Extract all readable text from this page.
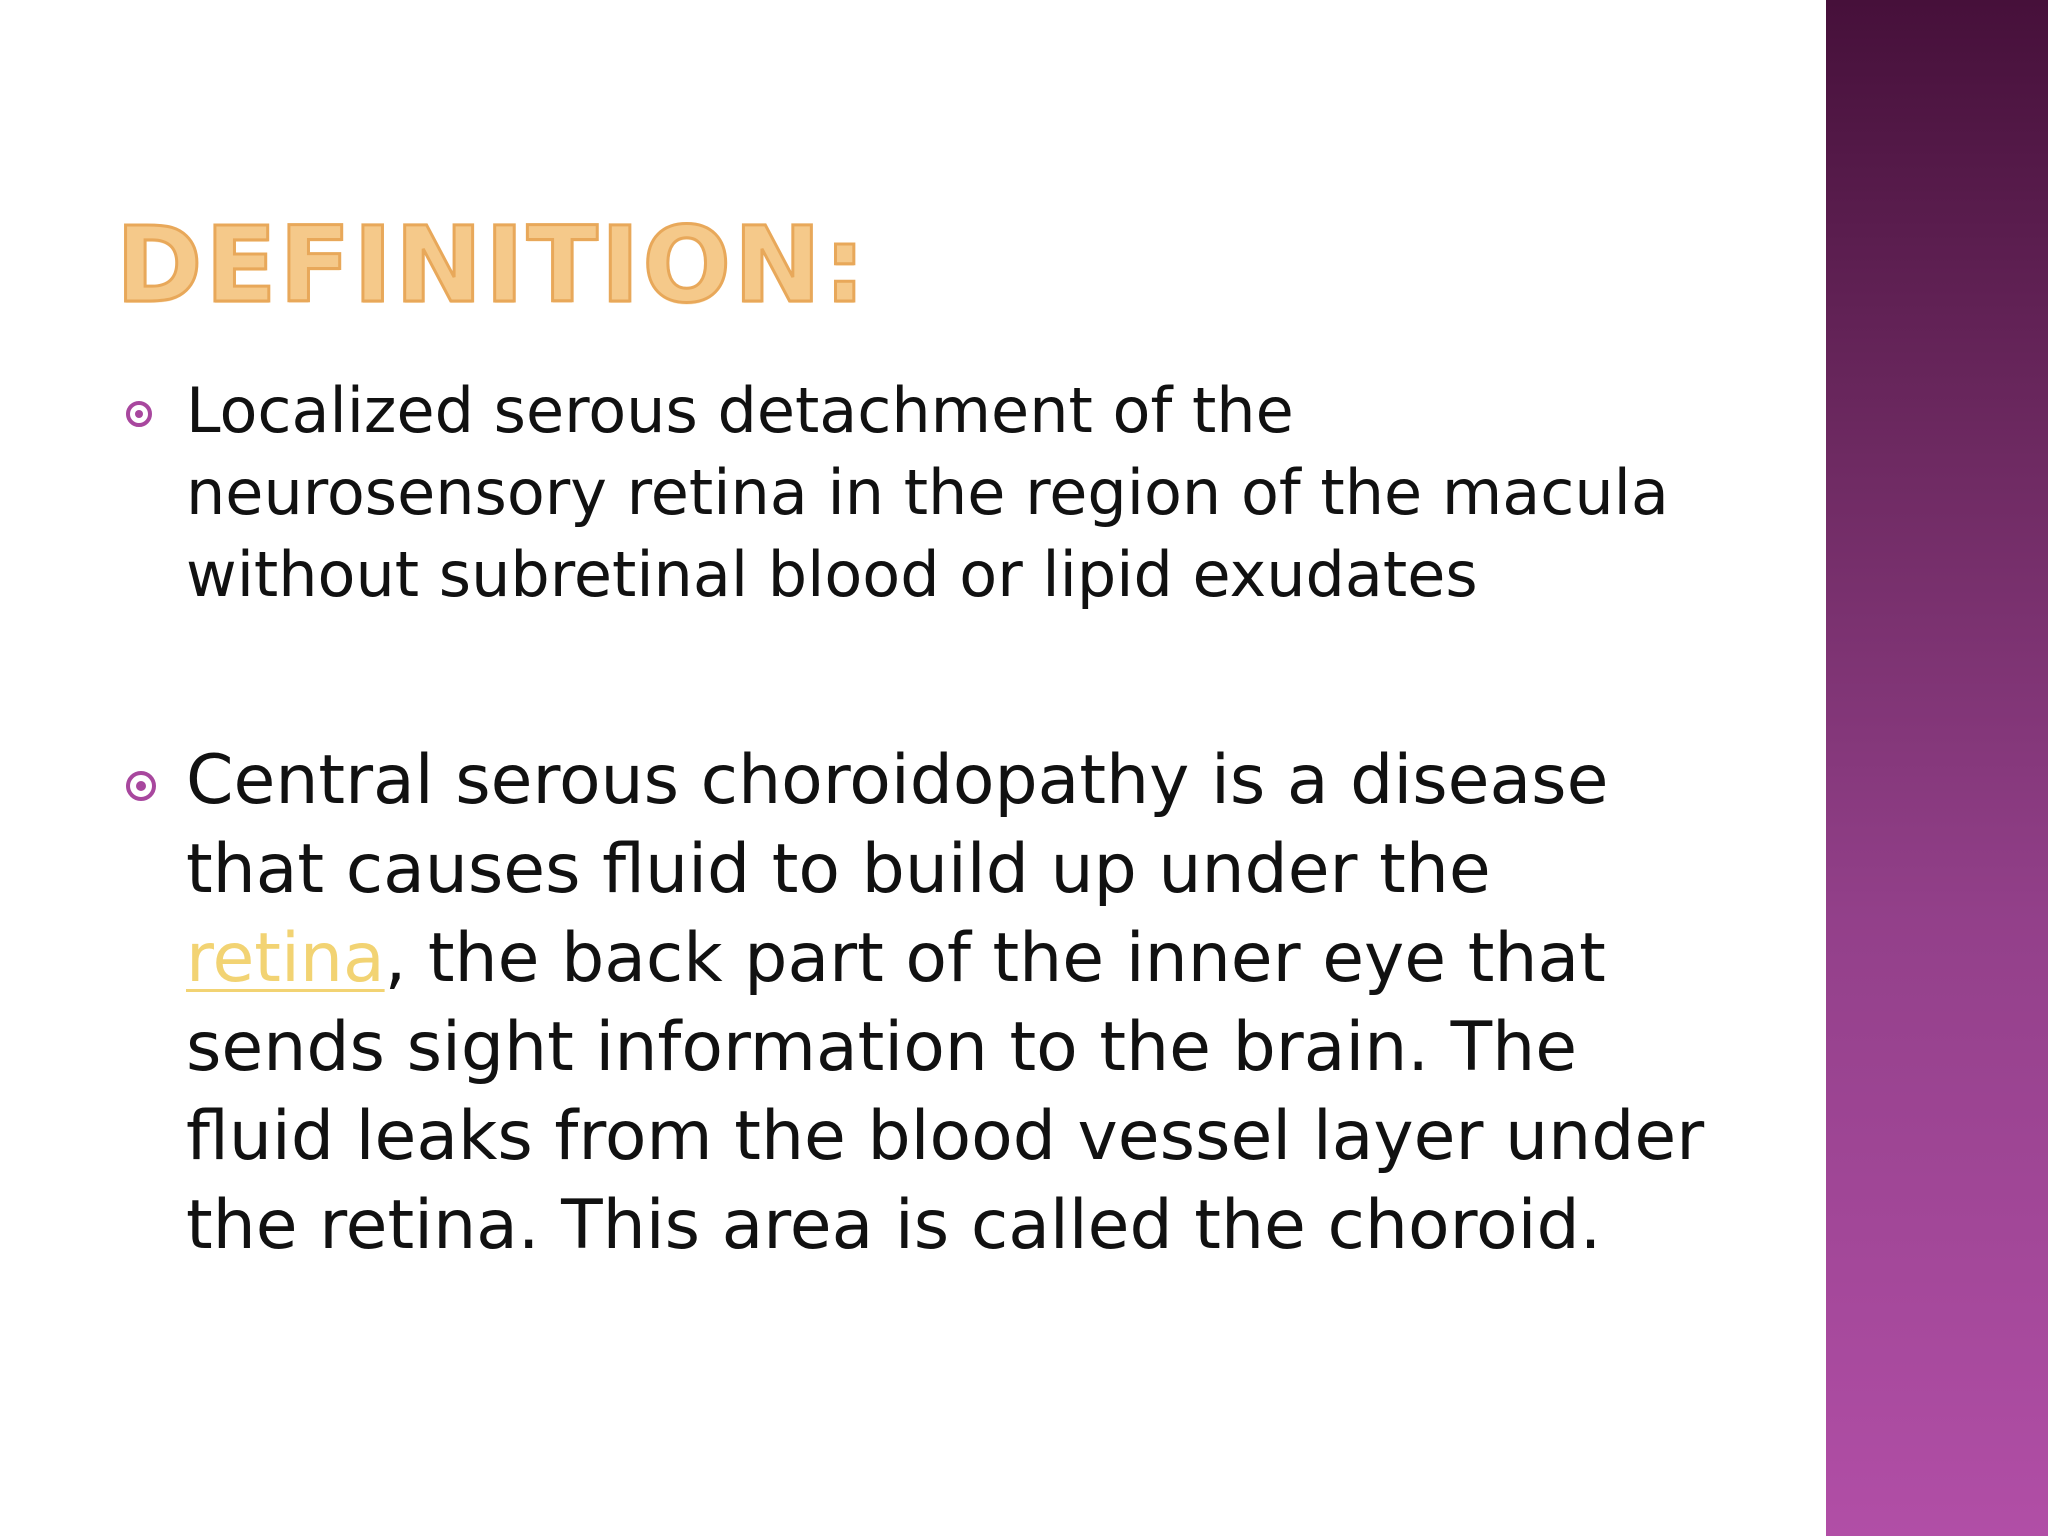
DEFINITION:
Localized serous detachment of the neurosensory retina in the region of the macula without subretinal blood or lipid exudates
Central serous choroidopathy is a disease that causes fluid to build up under the retina, the back part of the inner eye that sends sight information to the brain. The fluid leaks from the blood vessel layer under the retina. This area is called the choroid.
